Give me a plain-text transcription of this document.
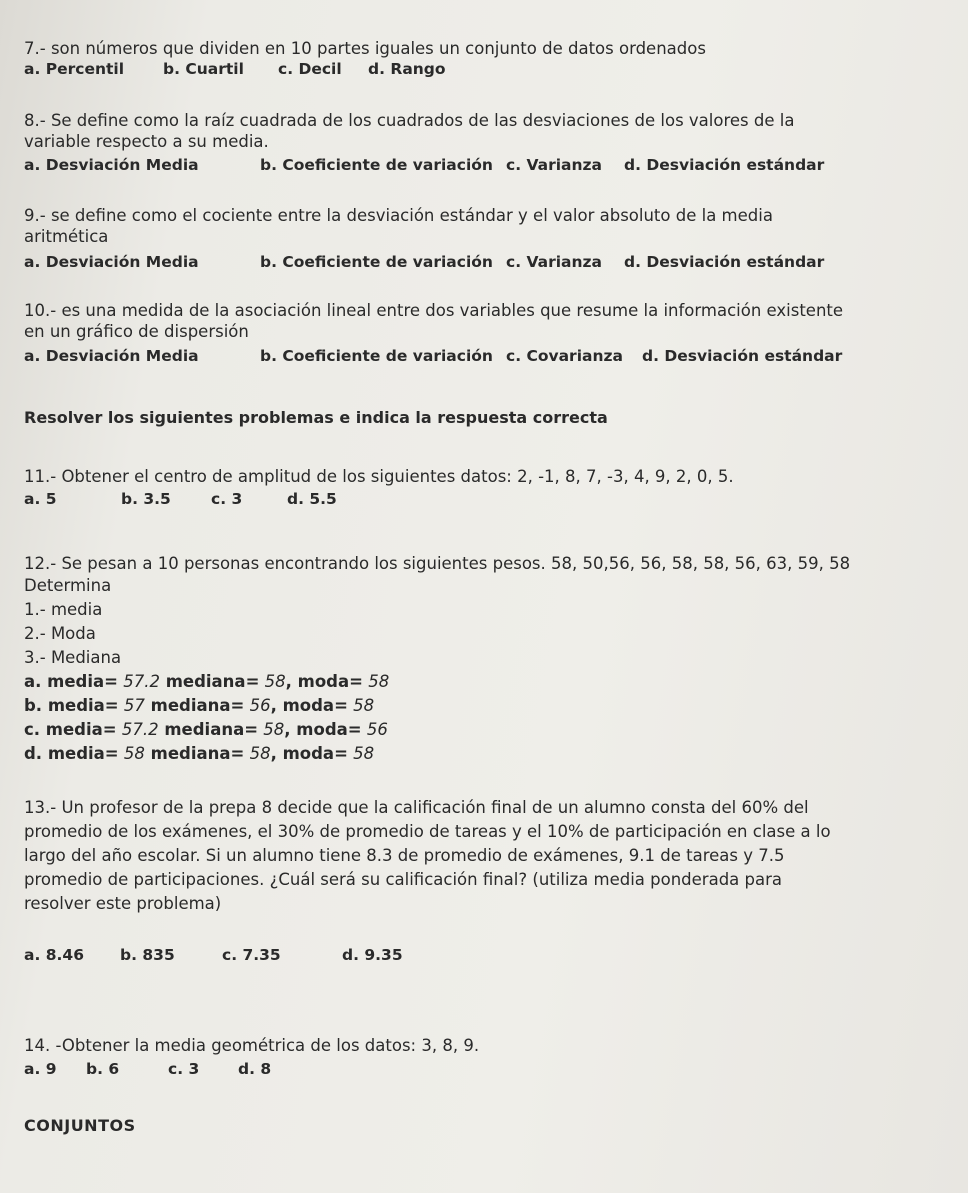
7.- son números que dividen en 10 partes iguales un conjunto de datos ordenados

a. Percentil	b. Cuartil c. Decil d. Rango

8.- Se define como la raíz cuadrada de los cuadrados de las desviaciones de los valores de la

variable respecto a su media.

a. Desviación Media	b. Coeficiente de variación c. Varianza d. Desviación estándar

9.- se define como el cociente entre la desviación estándar y el valor absoluto de la media

aritmética

a. Desviación Media	b. Coeficiente de variación c. Varianza d. Desviación estándar

10.- es una medida de la asociación lineal entre dos variables que resume la información existente

en un gráfico de dispersión

a. Desviación Media	b. Coeficiente de variación c. Covarianza d. Desviación estándar
Resolver los siguientes problemas e indica la respuesta correcta

11.- Obtener el centro de amplitud de los siguientes datos: 2, -1, 8, 7, -3, 4, 9, 2, 0, 5.

a. 5	b. 3.5	c. 3	d. 5.5

12.- Se pesan a 10 personas encontrando los siguientes pesos. 58, 50,56, 56, 58, 58, 56, 63, 59, 58

Determina
1.- media
2.- Moda
3.- Mediana
a. media= 57.2 mediana= 58, moda= 58
b. media= 57 mediana= 56, moda= 58
c. media= 57.2 mediana= 58, moda= 56
d. media= 58 mediana= 58, moda= 58
13.- Un profesor de la prepa 8 decide que la calificación final de un alumno consta del 60% del
promedio de los exámenes, el 30% de promedio de tareas y el 10% de participación en clase a lo
largo del año escolar. Si un alumno tiene 8.3 de promedio de exámenes, 9.1 de tareas y 7.5
promedio de participaciones. ¿Cuál será su calificación final? (utiliza media ponderada para
resolver este problema)
a. 8.46 b. 835	c. 7.35	d. 9.35

14. -Obtener la media geométrica de los datos: 3, 8, 9.

a. 9 b. 6	c. 3 d. 8
CONJUNTOS
